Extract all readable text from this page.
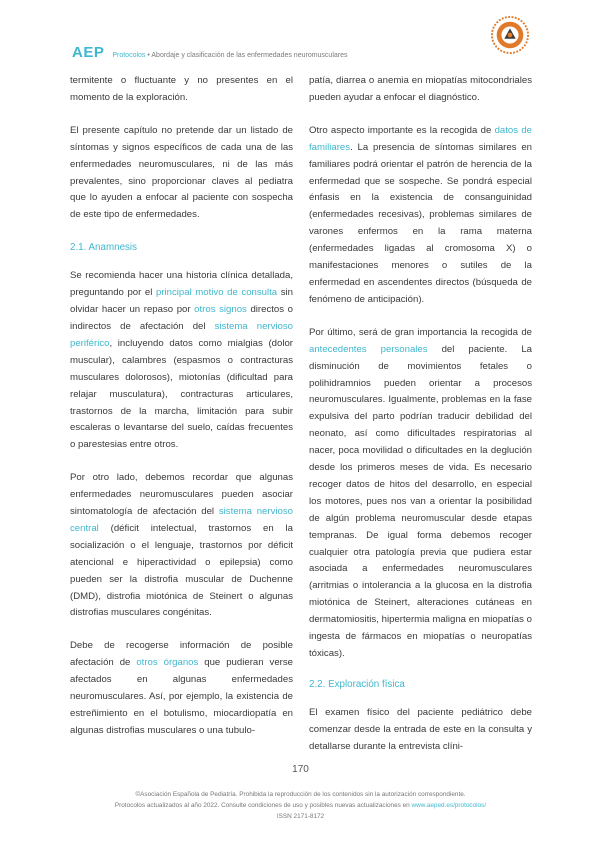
AEP Protocolos • Abordaje y clasificación de las enfermedades neuromusculares

termitente o fluctuante y no presentes en el momento de la exploración.

El presente capítulo no pretende dar un listado de síntomas y signos específicos de cada una de las enfermedades neuromusculares, ni de las más prevalentes, sino proporcionar claves al pediatra que lo ayuden a enfocar al paciente con sospecha de este tipo de enfermedades.

2.1. Anamnesis

Se recomienda hacer una historia clínica detallada, preguntando por el principal motivo de consulta sin olvidar hacer un repaso por otros signos directos o indirectos de afectación del sistema nervioso periférico, incluyendo datos como mialgias (dolor muscular), calambres (espasmos o contracturas musculares dolorosos), miotonías (dificultad para relajar musculatura), contracturas articulares, trastornos de la marcha, limitación para subir escaleras o levantarse del suelo, caídas frecuentes o parestesias entre otros.

Por otro lado, debemos recordar que algunas enfermedades neuromusculares pueden asociar sintomatología de afectación del sistema nervioso central (déficit intelectual, trastornos en la socialización o el lenguaje, trastornos por déficit atencional e hiperactividad o epilepsia) como pueden ser la distrofia muscular de Duchenne (DMD), distrofia miotónica de Steinert o algunas distrofias musculares congénitas.

Debe de recogerse información de posible afectación de otros órganos que pudieran verse afectados en algunas enfermedades neuromusculares. Así, por ejemplo, la existencia de estreñimiento en el botulismo, miocardiopatía en algunas distrofias musculares o una tubulo-

patía, diarrea o anemia en miopatías mitocondriales pueden ayudar a enfocar el diagnóstico.

Otro aspecto importante es la recogida de datos de familiares. La presencia de síntomas similares en familiares podrá orientar el patrón de herencia de la enfermedad que se sospeche. Se pondrá especial énfasis en la existencia de consanguinidad (enfermedades recesivas), problemas similares de varones enfermos en la rama materna (enfermedades ligadas al cromosoma X) o manifestaciones menores o sutiles de la enfermedad en ascendentes directos (búsqueda de fenómeno de anticipación).

Por último, será de gran importancia la recogida de antecedentes personales del paciente. La disminución de movimientos fetales o polihidramnios pueden orientar a procesos neuromusculares. Igualmente, problemas en la fase expulsiva del parto podrían traducir debilidad del neonato, así como dificultades respiratorias al nacer, poca movilidad o dificultades en la deglución desde los primeros meses de vida. Es necesario recoger datos de hitos del desarrollo, en especial los motores, pues nos van a orientar la posibilidad de algún problema neuromuscular desde etapas tempranas. De igual forma debemos recoger cualquier otra patología previa que pudiera estar asociada a enfermedades neuromusculares (arritmias o intolerancia a la glucosa en la distrofia miotónica de Steinert, alteraciones cutáneas en dermatomiositis, hipertermia maligna en miopatías o ingesta de fármacos en miopatías o neuropatías tóxicas).

2.2. Exploración física

El examen físico del paciente pediátrico debe comenzar desde la entrada de este en la consulta y detallarse durante la entrevista clíni-

170
©Asociación Española de Pediatría. Prohibida la reproducción de los contenidos sin la autorización correspondiente.
Protocolos actualizados al año 2022. Consulte condiciones de uso y posibles nuevas actualizaciones en www.aeped.es/protocolos/
ISSN 2171-8172
